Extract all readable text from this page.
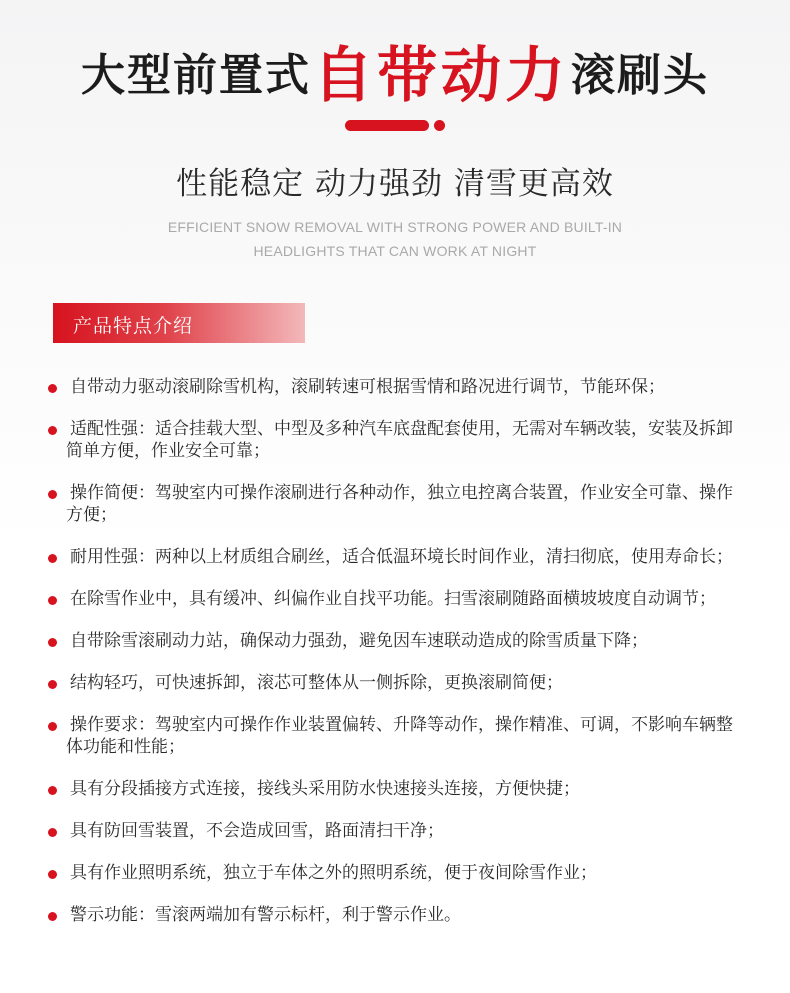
大型前置式自带动力滚刷头
性能稳定 动力强劲 清雪更高效
EFFICIENT SNOW REMOVAL WITH STRONG POWER AND BUILT-IN
HEADLIGHTS THAT CAN WORK AT NIGHT
产品特点介绍
自带动力驱动滚刷除雪机构，滚刷转速可根据雪情和路况进行调节，节能环保；
适配性强：适合挂载大型、中型及多种汽车底盘配套使用，无需对车辆改装，安装及拆卸简单方便，作业安全可靠；
操作简便：驾驶室内可操作滚刷进行各种动作，独立电控离合装置，作业安全可靠、操作方便；
耐用性强：两种以上材质组合刷丝，适合低温环境长时间作业，清扫彻底，使用寿命长；
在除雪作业中，具有缓冲、纠偏作业自找平功能。扫雪滚刷随路面横坡坡度自动调节；
自带除雪滚刷动力站，确保动力强劲，避免因车速联动造成的除雪质量下降；
结构轻巧，可快速拆卸，滚芯可整体从一侧拆除，更换滚刷简便；
操作要求：驾驶室内可操作作业装置偏转、升降等动作，操作精准、可调，不影响车辆整体功能和性能；
具有分段插接方式连接，接线头采用防水快速接头连接，方便快捷；
具有防回雪装置，不会造成回雪，路面清扫干净；
具有作业照明系统，独立于车体之外的照明系统，便于夜间除雪作业；
警示功能：雪滚两端加有警示标杆，利于警示作业。
